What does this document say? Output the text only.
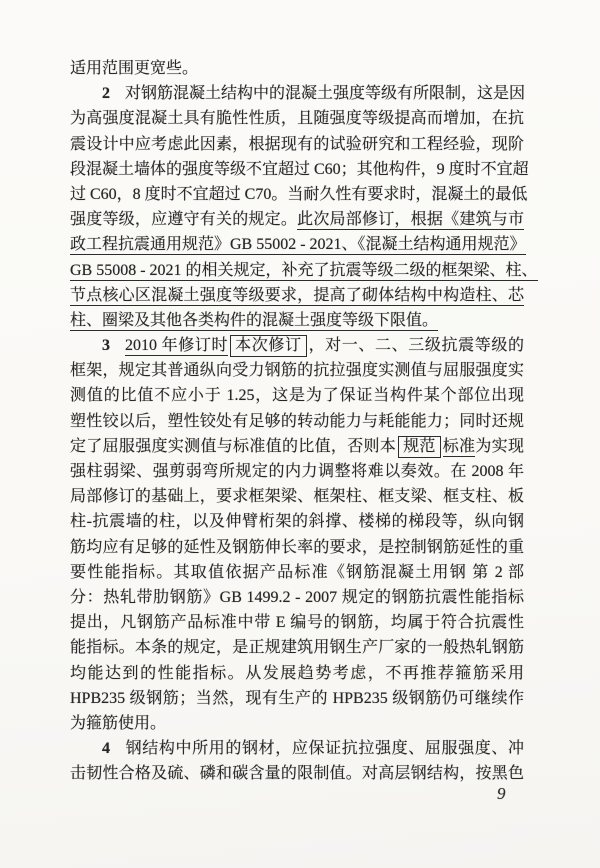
适用范围更宽些。
2 对钢筋混凝土结构中的混凝土强度等级有所限制，这是因
为高强度混凝土具有脆性性质，且随强度等级提高而增加，在抗
震设计中应考虑此因素，根据现有的试验研究和工程经验，现阶
段混凝土墙体的强度等级不宜超过 C60；其他构件，9 度时不宜超
过 C60，8 度时不宜超过 C70。当耐久性有要求时，混凝土的最低
强度等级，应遵守有关的规定。此次局部修订，根据《建筑与市
政工程抗震通用规范》GB 55002 - 2021、《混凝土结构通用规范》
GB 55008 - 2021 的相关规定，补充了抗震等级二级的框架梁、柱、
节点核心区混凝土强度等级要求，提高了砌体结构中构造柱、芯
柱、圈梁及其他各类构件的混凝土强度等级下限值。
3 2010 年修订时 本次修订 ，对一、二、三级抗震等级的
框架，规定其普通纵向受力钢筋的抗拉强度实测值与屈服强度实
测值的比值不应小于 1.25，这是为了保证当构件某个部位出现
塑性铰以后，塑性铰处有足够的转动能力与耗能能力；同时还规
定了屈服强度实测值与标准值的比值，否则本 规范 标准为实现
强柱弱梁、强剪弱弯所规定的内力调整将难以奏效。在 2008 年
局部修订的基础上，要求框架梁、框架柱、框支梁、框支柱、板
柱-抗震墙的柱，以及伸臂桁架的斜撑、楼梯的梯段等，纵向钢
筋均应有足够的延性及钢筋伸长率的要求，是控制钢筋延性的重
要性能指标。其取值依据产品标准《钢筋混凝土用钢 第 2 部
分：热轧带肋钢筋》GB 1499.2 - 2007 规定的钢筋抗震性能指标
提出，凡钢筋产品标准中带 E 编号的钢筋，均属于符合抗震性
能指标。本条的规定，是正规建筑用钢生产厂家的一般热轧钢筋
均能达到的性能指标。从发展趋势考虑，不再推荐箍筋采用
HPB235 级钢筋；当然，现有生产的 HPB235 级钢筋仍可继续作
为箍筋使用。
4 钢结构中所用的钢材，应保证抗拉强度、屈服强度、冲
击韧性合格及硫、磷和碳含量的限制值。对高层钢结构，按黑色
9
